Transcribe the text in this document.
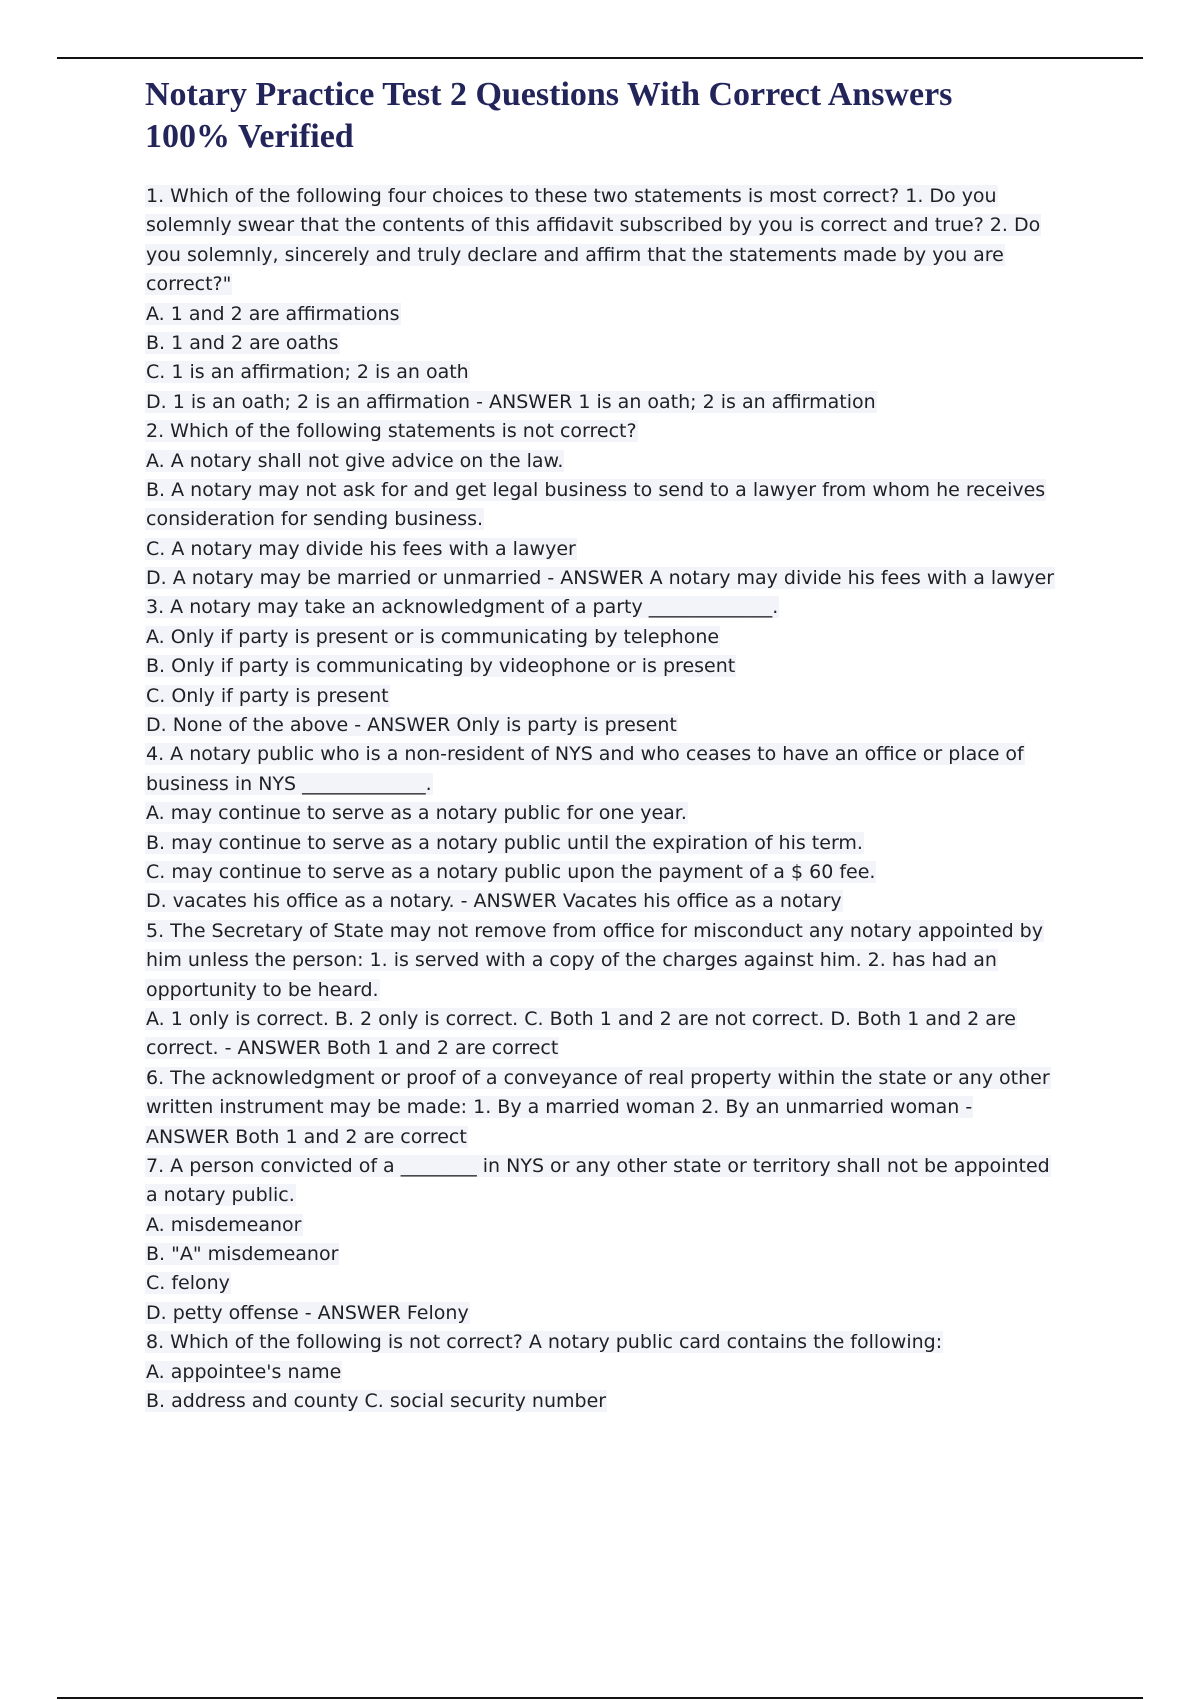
Notary Practice Test 2 Questions With Correct Answers
100% Verified
1. Which of the following four choices to these two statements is most correct? 1. Do you
solemnly swear that the contents of this affidavit subscribed by you is correct and true? 2. Do
you solemnly, sincerely and truly declare and affirm that the statements made by you are
correct?"
A. 1 and 2 are affirmations
B. 1 and 2 are oaths
C. 1 is an affirmation; 2 is an oath
D. 1 is an oath; 2 is an affirmation - ANSWER 1 is an oath; 2 is an affirmation
2. Which of the following statements is not correct?
A. A notary shall not give advice on the law.
B. A notary may not ask for and get legal business to send to a lawyer from whom he receives
consideration for sending business.
C. A notary may divide his fees with a lawyer
D. A notary may be married or unmarried - ANSWER A notary may divide his fees with a lawyer
3. A notary may take an acknowledgment of a party _____________.
A. Only if party is present or is communicating by telephone
B. Only if party is communicating by videophone or is present
C. Only if party is present
D. None of the above - ANSWER Only is party is present
4. A notary public who is a non-resident of NYS and who ceases to have an office or place of
business in NYS _____________.
A. may continue to serve as a notary public for one year.
B. may continue to serve as a notary public until the expiration of his term.
C. may continue to serve as a notary public upon the payment of a $ 60 fee.
D. vacates his office as a notary. - ANSWER Vacates his office as a notary
5. The Secretary of State may not remove from office for misconduct any notary appointed by
him unless the person: 1. is served with a copy of the charges against him. 2. has had an
opportunity to be heard.
A. 1 only is correct. B. 2 only is correct. C. Both 1 and 2 are not correct. D. Both 1 and 2 are
correct. - ANSWER Both 1 and 2 are correct
6. The acknowledgment or proof of a conveyance of real property within the state or any other
written instrument may be made: 1. By a married woman 2. By an unmarried woman -
ANSWER Both 1 and 2 are correct
7. A person convicted of a ________ in NYS or any other state or territory shall not be appointed
a notary public.
A. misdemeanor
B. "A" misdemeanor
C. felony
D. petty offense - ANSWER Felony
8. Which of the following is not correct? A notary public card contains the following:
A. appointee's name
B. address and county C. social security number
